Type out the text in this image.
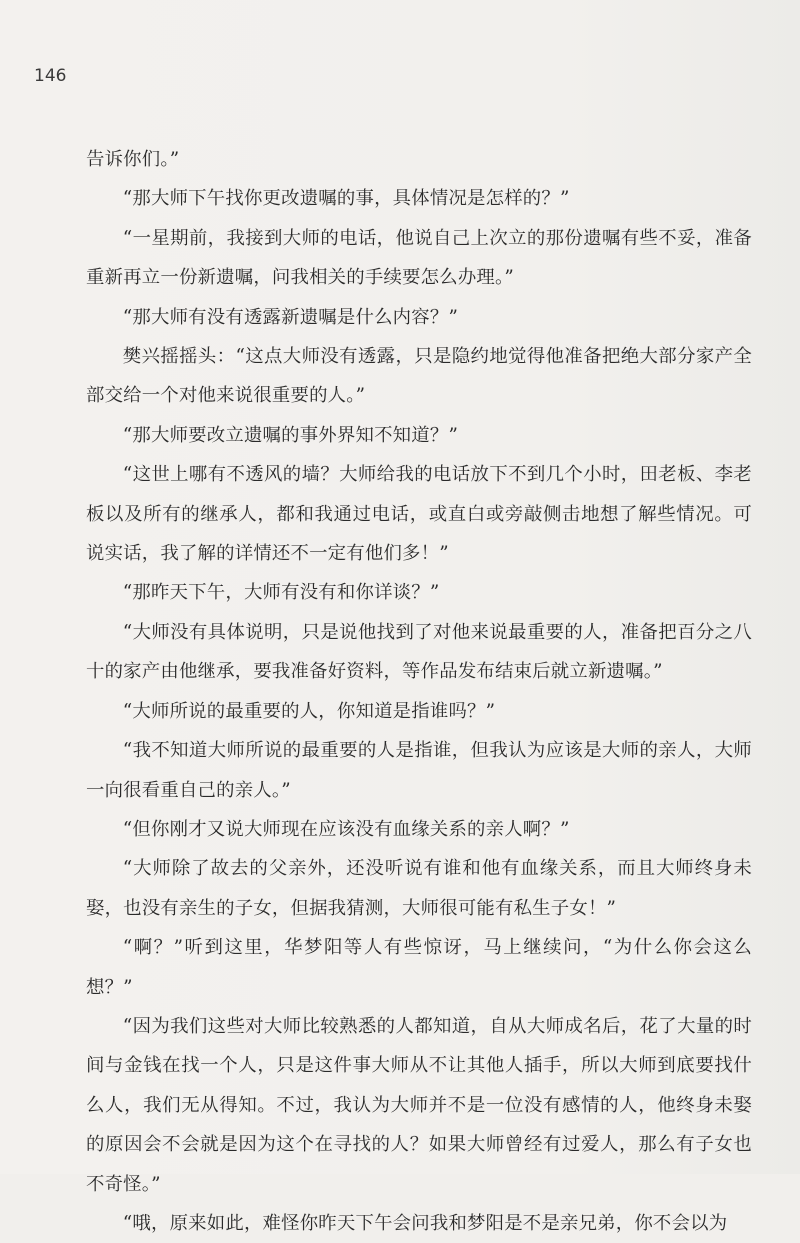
146

告诉你们。”

“那大师下午找你更改遗嘱的事，具体情况是怎样的？”

“一星期前，我接到大师的电话，他说自己上次立的那份遗嘱有些不妥，准备重新再立一份新遗嘱，问我相关的手续要怎么办理。”

“那大师有没有透露新遗嘱是什么内容？”

樊兴摇摇头：“这点大师没有透露，只是隐约地觉得他准备把绝大部分家产全部交给一个对他来说很重要的人。”

“那大师要改立遗嘱的事外界知不知道？”

“这世上哪有不透风的墙？大师给我的电话放下不到几个小时，田老板、李老板以及所有的继承人，都和我通过电话，或直白或旁敲侧击地想了解些情况。可说实话，我了解的详情还不一定有他们多！”

“那昨天下午，大师有没有和你详谈？”

“大师没有具体说明，只是说他找到了对他来说最重要的人，准备把百分之八十的家产由他继承，要我准备好资料，等作品发布结束后就立新遗嘱。”

“大师所说的最重要的人，你知道是指谁吗？”

“我不知道大师所说的最重要的人是指谁，但我认为应该是大师的亲人，大师一向很看重自己的亲人。”

“但你刚才又说大师现在应该没有血缘关系的亲人啊？”

“大师除了故去的父亲外，还没听说有谁和他有血缘关系，而且大师终身未娶，也没有亲生的子女，但据我猜测，大师很可能有私生子女！”

“啊？”听到这里，华梦阳等人有些惊讶，马上继续问，“为什么你会这么想？”

“因为我们这些对大师比较熟悉的人都知道，自从大师成名后，花了大量的时间与金钱在找一个人，只是这件事大师从不让其他人插手，所以大师到底要找什么人，我们无从得知。不过，我认为大师并不是一位没有感情的人，他终身未娶的原因会不会就是因为这个在寻找的人？如果大师曾经有过爱人，那么有子女也不奇怪。”

“哦，原来如此，难怪你昨天下午会问我和梦阳是不是亲兄弟，你不会以为
